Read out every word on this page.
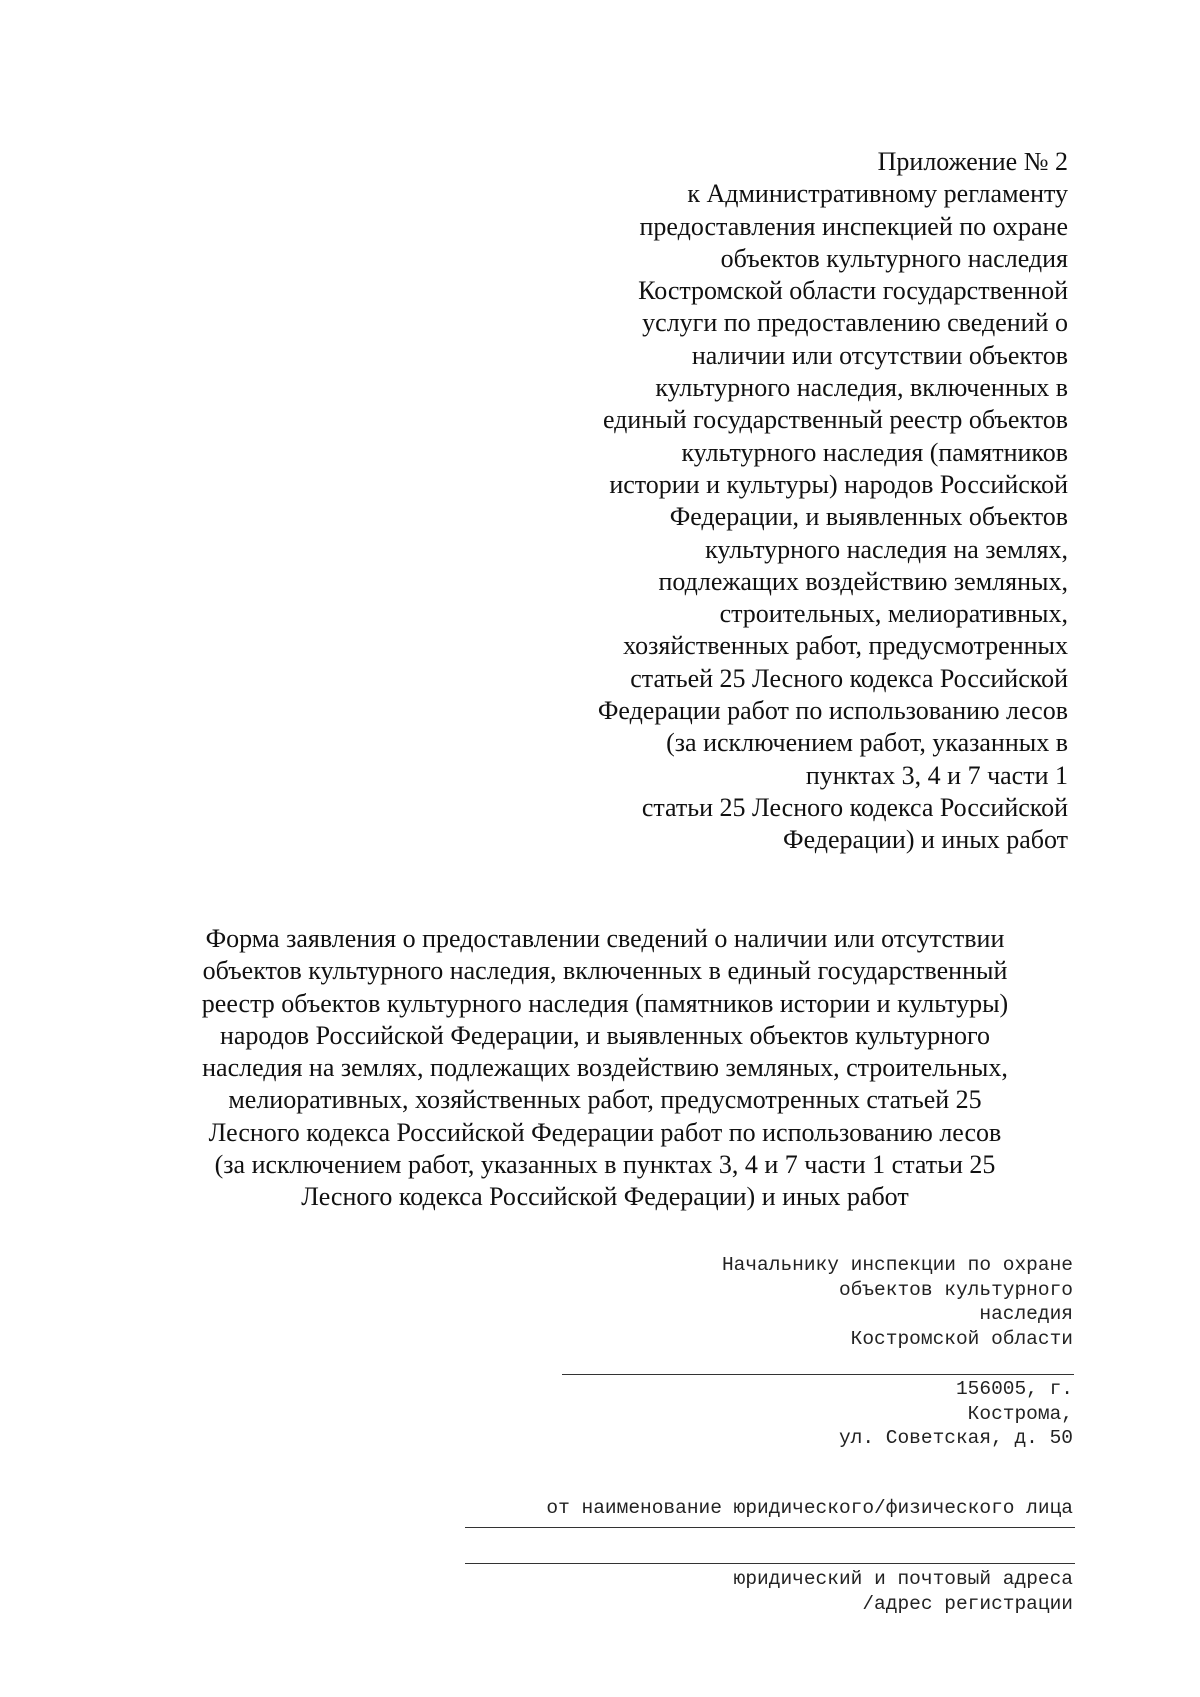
Приложение № 2
к Административному регламенту
предоставления инспекцией по охране
объектов культурного наследия
Костромской области государственной
услуги по предоставлению сведений о
наличии или отсутствии объектов
культурного наследия, включенных в
единый государственный реестр объектов
культурного наследия (памятников
истории и культуры) народов Российской
Федерации, и выявленных объектов
культурного наследия на землях,
подлежащих воздействию земляных,
строительных, мелиоративных,
хозяйственных работ, предусмотренных
статьей 25 Лесного кодекса Российской
Федерации работ по использованию лесов
(за исключением работ, указанных в
пунктах 3, 4 и 7 части 1
статьи 25 Лесного кодекса Российской
Федерации) и иных работ
Форма заявления о предоставлении сведений о наличии или отсутствии
объектов культурного наследия, включенных в единый государственный
реестр объектов культурного наследия (памятников истории и культуры)
народов Российской Федерации, и выявленных объектов культурного
наследия на землях, подлежащих воздействию земляных, строительных,
мелиоративных, хозяйственных работ, предусмотренных статьей 25
Лесного кодекса Российской Федерации работ по использованию лесов
(за исключением работ, указанных в пунктах 3, 4 и 7 части 1 статьи 25
Лесного кодекса Российской Федерации) и иных работ
Начальнику инспекции по охране
объектов культурного
наследия
Костромской области
156005, г.
Кострома,
ул. Советская, д. 50
от наименование юридического/физического лица
юридический и почтовый адреса
/адрес регистрации
